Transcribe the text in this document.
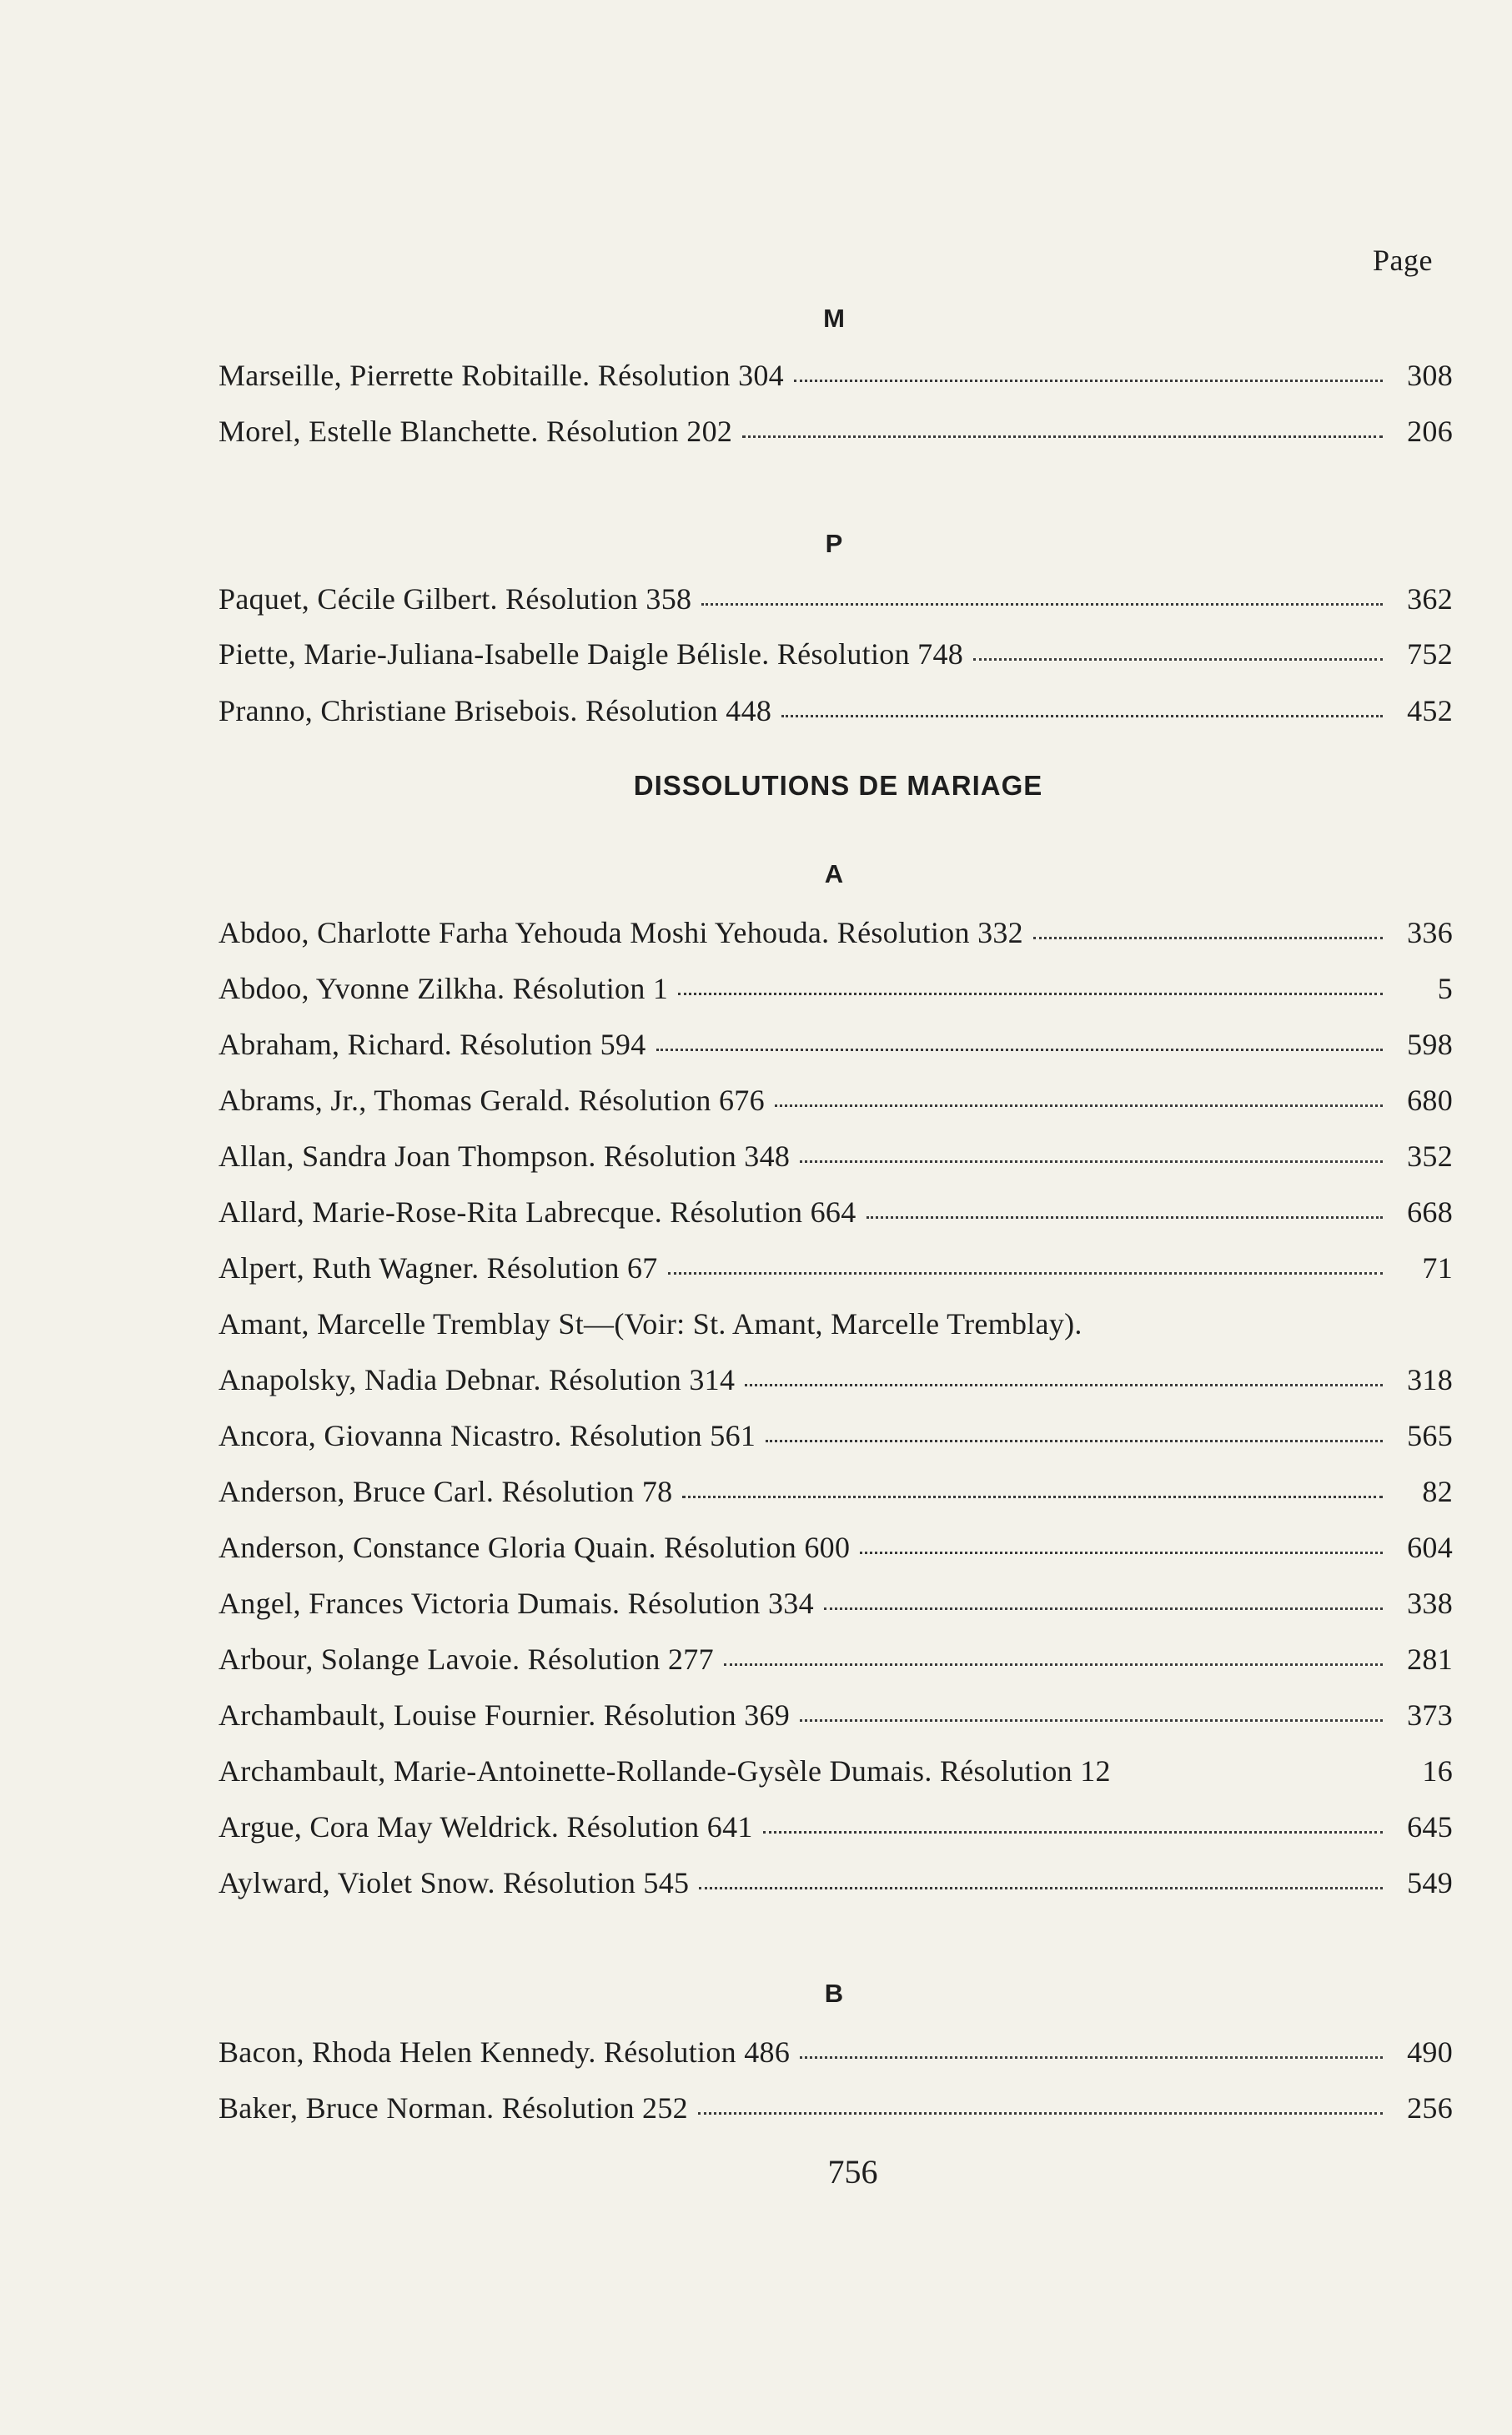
Page
M
Marseille, Pierrette Robitaille. Résolution 304	308
Morel, Estelle Blanchette. Résolution 202	206
P
Paquet, Cécile Gilbert. Résolution 358	362
Piette, Marie-Juliana-Isabelle Daigle Bélisle. Résolution 748	752
Pranno, Christiane Brisebois. Résolution 448	452
DISSOLUTIONS DE MARIAGE
A
Abdoo, Charlotte Farha Yehouda Moshi Yehouda. Résolution 332	336
Abdoo, Yvonne Zilkha. Résolution 1	5
Abraham, Richard. Résolution 594	598
Abrams, Jr., Thomas Gerald. Résolution 676	680
Allan, Sandra Joan Thompson. Résolution 348	352
Allard, Marie-Rose-Rita Labrecque. Résolution 664	668
Alpert, Ruth Wagner. Résolution 67	71
Amant, Marcelle Tremblay St—(Voir: St. Amant, Marcelle Tremblay).
Anapolsky, Nadia Debnar. Résolution 314	318
Ancora, Giovanna Nicastro. Résolution 561	565
Anderson, Bruce Carl. Résolution 78	82
Anderson, Constance Gloria Quain. Résolution 600	604
Angel, Frances Victoria Dumais. Résolution 334	338
Arbour, Solange Lavoie. Résolution 277	281
Archambault, Louise Fournier. Résolution 369	373
Archambault, Marie-Antoinette-Rollande-Gysèle Dumais. Résolution 12	16
Argue, Cora May Weldrick. Résolution 641	645
Aylward, Violet Snow. Résolution 545	549
B
Bacon, Rhoda Helen Kennedy. Résolution 486	490
Baker, Bruce Norman. Résolution 252	256
756
